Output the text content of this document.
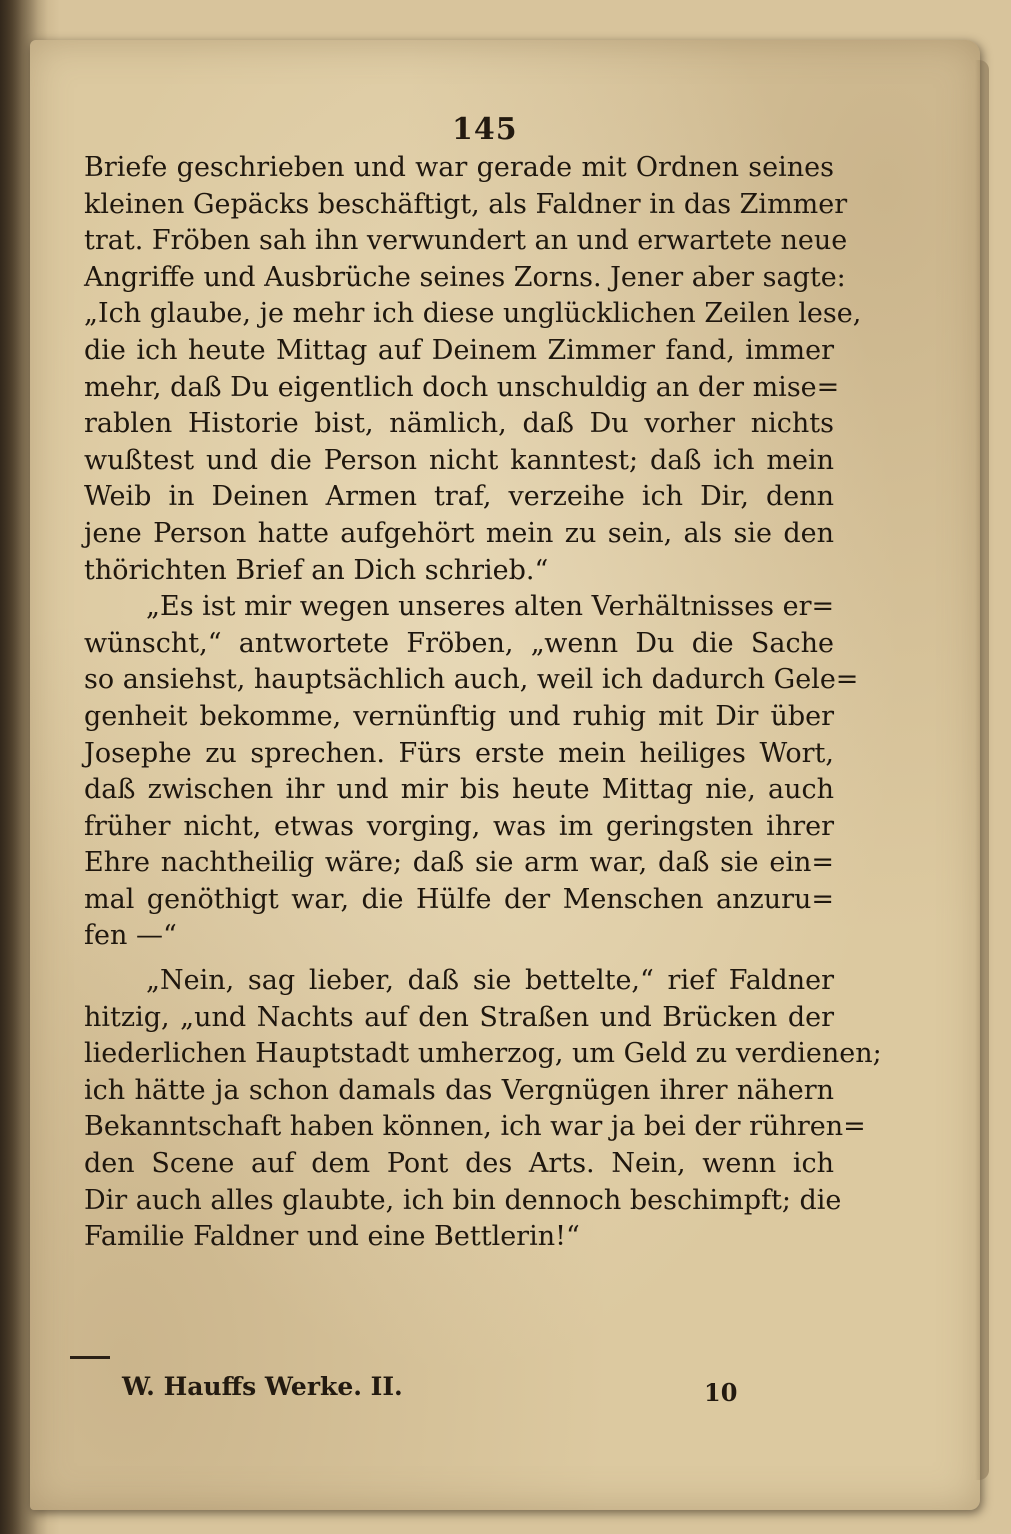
145

Briefe geschrieben und war gerade mit Ordnen seines
kleinen Gepäcks beschäftigt, als Faldner in das Zimmer
trat. Fröben sah ihn verwundert an und erwartete neue
Angriffe und Ausbrüche seines Zorns. Jener aber sagte:
„Ich glaube, je mehr ich diese unglücklichen Zeilen lese,
die ich heute Mittag auf Deinem Zimmer fand, immer
mehr, daß Du eigentlich doch unschuldig an der mise=
rablen Historie bist, nämlich, daß Du vorher nichts
wußtest und die Person nicht kanntest; daß ich mein
Weib in Deinen Armen traf, verzeihe ich Dir, denn
jene Person hatte aufgehört mein zu sein, als sie den
thörichten Brief an Dich schrieb.“

„Es ist mir wegen unseres alten Verhältnisses er=
wünscht,“ antwortete Fröben, „wenn Du die Sache
so ansiehst, hauptsächlich auch, weil ich dadurch Gele=
genheit bekomme, vernünftig und ruhig mit Dir über
Josephe zu sprechen. Fürs erste mein heiliges Wort,
daß zwischen ihr und mir bis heute Mittag nie, auch
früher nicht, etwas vorging, was im geringsten ihrer
Ehre nachtheilig wäre; daß sie arm war, daß sie ein=
mal genöthigt war, die Hülfe der Menschen anzuru=
fen —“

„Nein, sag lieber, daß sie bettelte,“ rief Faldner
hitzig, „und Nachts auf den Straßen und Brücken der
liederlichen Hauptstadt umherzog, um Geld zu verdienen;
ich hätte ja schon damals das Vergnügen ihrer nähern
Bekanntschaft haben können, ich war ja bei der rühren=
den Scene auf dem Pont des Arts. Nein, wenn ich
Dir auch alles glaubte, ich bin dennoch beschimpft; die
Familie Faldner und eine Bettlerin!“

W. Hauffs Werke. II.	10
